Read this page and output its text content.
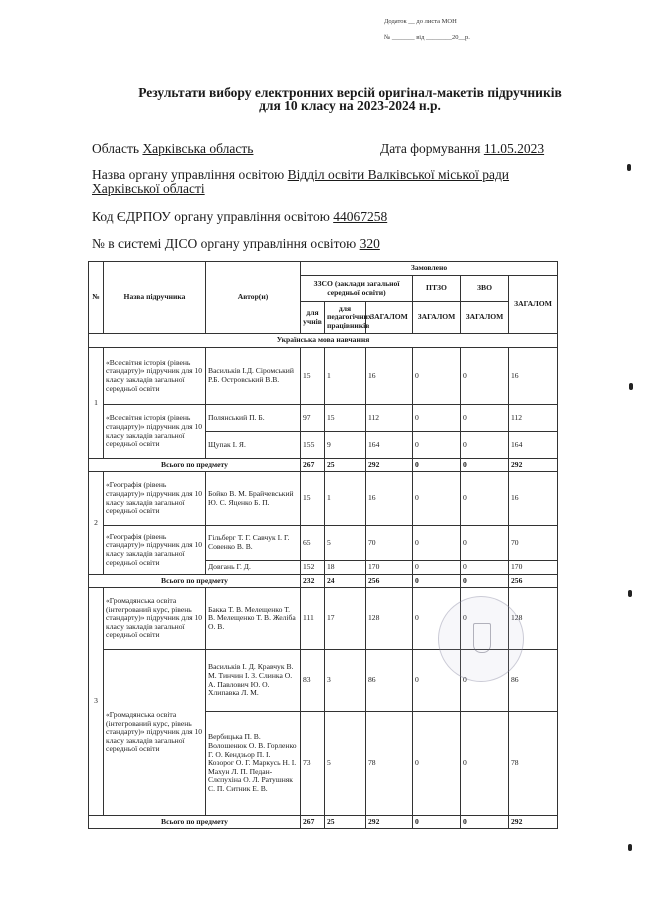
Додаток __ до листа МОН
№ _______ від ________20__р.
Результати вибору електронних версій оригінал-макетів підручників
для 10 класу на 2023-2024 н.р.
Область Харківська область	Дата формування 11.05.2023
Назва органу управління освітою Відділ освіти Валківської міської ради
Харківської області
Код ЄДРПОУ органу управління освітою 44067258
№ в системі ДІСО органу управління освітою 320
№	Назва підручника	Автор(и)	Замовлено					
			ЗЗСО (заклади загальної середньої освіти)			ПТЗО	ЗВО	ЗАГАЛОМ
			для учнів	для педагогічних працівників	ЗАГАЛОМ	ЗАГАЛОМ	ЗАГАЛОМ	
Українська мова навчання								
1	«Всесвітня історія (рівень стандарту)» підручник для 10 класу закладів загальної середньої освіти	Васильків І.Д. Сіромський Р.Б. Островський В.В.	15	1	16	0	0	16
	«Всесвітня історія (рівень стандарту)» підручник для 10 класу закладів загальної середньої освіти	Полянський П. Б.	97	15	112	0	0	112
		Щупак І. Я.	155	9	164	0	0	164
Всього по предмету			267	25	292	0	0	292
2	«Географія (рівень стандарту)» підручник для 10 класу закладів загальної середньої освіти	Бойко В. М. Брайчевський Ю. С. Яценко Б. П.	15	1	16	0	0	16
	«Географія (рівень стандарту)» підручник для 10 класу закладів загальної середньої освіти	Гільберг Т. Г. Савчук І. Г. Совенко В. В.	65	5	70	0	0	70
		Довгань Г. Д.	152	18	170	0	0	170
Всього по предмету			232	24	256	0	0	256
3	«Громадянська освіта (інтегрований курс, рівень стандарту)» підручник для 10 класу закладів загальної середньої освіти	Бакка Т. В. Мелещенко Т. В. Мелещенко Т. В. Желіба О. В.	111	17	128	0	0	128
	«Громадянська освіта (інтегрований курс, рівень стандарту)» підручник для 10 класу закладів загальної середньої освіти	Васильків І. Д. Кравчук В. М. Тинчин І. З. Слинка О. А. Павлович Ю. О. Хлипавка Л. М.	83	3	86	0	0	86
		Вербицька П. В. Волошенюк О. В. Горленко Г. О. Кендзьор П. І. Козорог О. Г. Маркусь Н. І. Махун Л. П. Педан-Слєпухіна О. Л. Ратушняк С. П. Ситник Е. В.	73	5	78	0	0	78
Всього по предмету			267	25	292	0	0	292
